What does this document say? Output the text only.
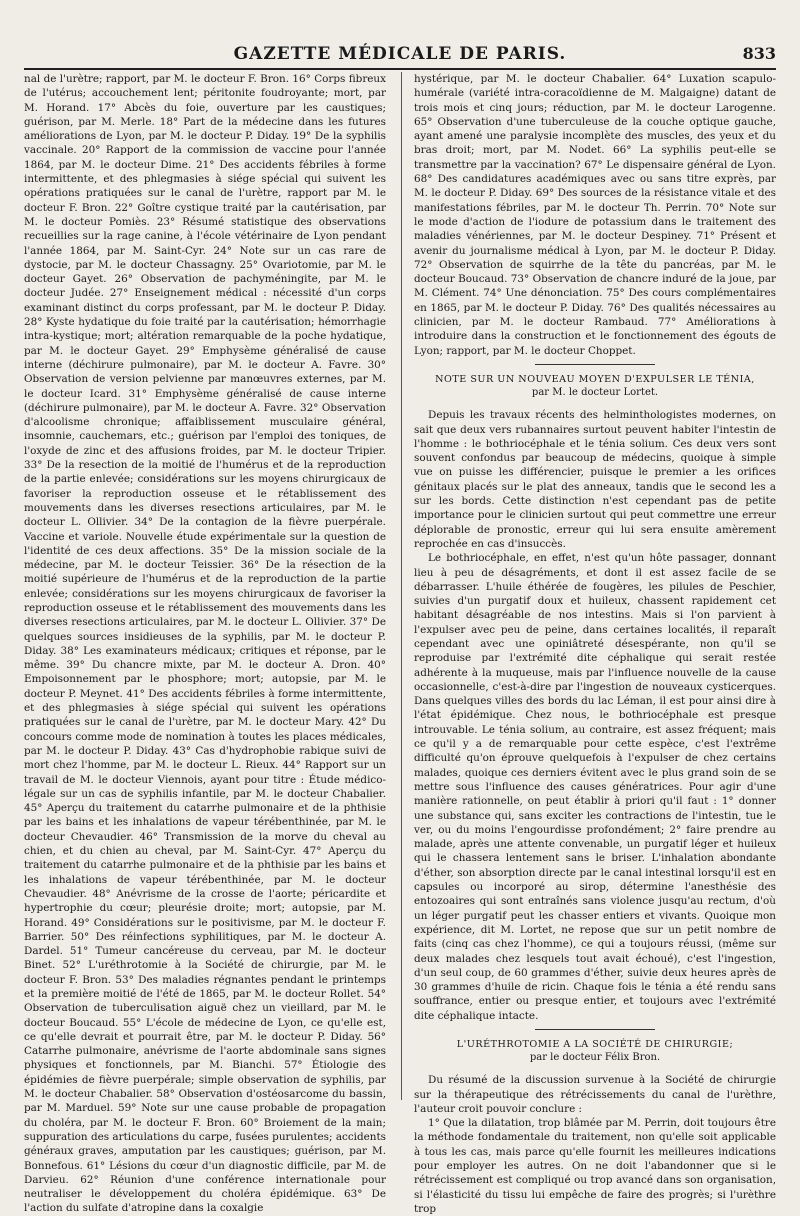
GAZETTE MÉDICALE DE PARIS.	833

nal de l'urètre; rapport, par M. le docteur F. Bron. 16° Corps fibreux de l'utérus; accouchement lent; péritonite foudroyante; mort, par M. Horand. 17° Abcès du foie, ouverture par les caustiques; guérison, par M. Merle. 18° Part de la médecine dans les futures améliorations de Lyon, par M. le docteur P. Diday. 19° De la syphilis vaccinale. 20° Rapport de la commission de vaccine pour l'année 1864, par M. le docteur Dime. 21° Des accidents fébriles à forme intermittente, et des phlegmasies à siége spécial qui suivent les opérations pratiquées sur le canal de l'urètre, rapport par M. le docteur F. Bron. 22° Goître cystique traité par la cautérisation, par M. le docteur Pomiès. 23° Résumé statistique des observations recueillies sur la rage canine, à l'école vétérinaire de Lyon pendant l'année 1864, par M. Saint-Cyr. 24° Note sur un cas rare de dystocie, par M. le docteur Chassagny. 25° Ovariotomie, par M. le docteur Gayet. 26° Observation de pachyméningite, par M. le docteur Judée. 27° Enseignement médical : nécessité d'un corps examinant distinct du corps professant, par M. le docteur P. Diday. 28° Kyste hydatique du foie traité par la cautérisation; hémorrhagie intra-kystique; mort; altération remarquable de la poche hydatique, par M. le docteur Gayet. 29° Emphysème généralisé de cause interne (déchirure pulmonaire), par M. le docteur A. Favre. 30° Observation de version pelvienne par manœuvres externes, par M. le docteur Icard. 31° Emphysème généralisé de cause interne (déchirure pulmonaire), par M. le docteur A. Favre. 32° Observation d'alcoolisme chronique; affaiblissement musculaire général, insomnie, cauchemars, etc.; guérison par l'emploi des toniques, de l'oxyde de zinc et des affusions froides, par M. le docteur Tripier. 33° De la resection de la moitié de l'humérus et de la reproduction de la partie enlevée; considérations sur les moyens chirurgicaux de favoriser la reproduction osseuse et le rétablissement des mouvements dans les diverses resections articulaires, par M. le docteur L. Ollivier. 34° De la contagion de la fièvre puerpérale. Vaccine et variole. Nouvelle étude expérimentale sur la question de l'identité de ces deux affections. 35° De la mission sociale de la médecine, par M. le docteur Teissier. 36° De la résection de la moitié supérieure de l'humérus et de la reproduction de la partie enlevée; considérations sur les moyens chirurgicaux de favoriser la reproduction osseuse et le rétablissement des mouvements dans les diverses resections articulaires, par M. le docteur L. Ollivier. 37° De quelques sources insidieuses de la syphilis, par M. le docteur P. Diday. 38° Les examinateurs médicaux; critiques et réponse, par le même. 39° Du chancre mixte, par M. le docteur A. Dron. 40° Empoisonnement par le phosphore; mort; autopsie, par M. le docteur P. Meynet. 41° Des accidents fébriles à forme intermittente, et des phlegmasies à siége spécial qui suivent les opérations pratiquées sur le canal de l'urètre, par M. le docteur Mary. 42° Du concours comme mode de nomination à toutes les places médicales, par M. le docteur P. Diday. 43° Cas d'hydrophobie rabique suivi de mort chez l'homme, par M. le docteur L. Rieux. 44° Rapport sur un travail de M. le docteur Viennois, ayant pour titre : Étude médico-légale sur un cas de syphilis infantile, par M. le docteur Chabalier. 45° Aperçu du traitement du catarrhe pulmonaire et de la phthisie par les bains et les inhalations de vapeur térébenthinée, par M. le docteur Chevaudier. 46° Transmission de la morve du cheval au chien, et du chien au cheval, par M. Saint-Cyr. 47° Aperçu du traitement du catarrhe pulmonaire et de la phthisie par les bains et les inhalations de vapeur térébenthinée, par M. le docteur Chevaudier. 48° Anévrisme de la crosse de l'aorte; péricardite et hypertrophie du cœur; pleurésie droite; mort; autopsie, par M. Horand. 49° Considérations sur le positivisme, par M. le docteur F. Barrier. 50° Des réinfections syphilitiques, par M. le docteur A. Dardel. 51° Tumeur cancéreuse du cerveau, par M. le docteur Binet. 52° L'uréthrotomie à la Société de chirurgie, par M. le docteur F. Bron. 53° Des maladies régnantes pendant le printemps et la première moitié de l'été de 1865, par M. le docteur Rollet. 54° Observation de tuberculisation aiguë chez un vieillard, par M. le docteur Boucaud. 55° L'école de médecine de Lyon, ce qu'elle est, ce qu'elle devrait et pourrait être, par M. le docteur P. Diday. 56° Catarrhe pulmonaire, anévrisme de l'aorte abdominale sans signes physiques et fonctionnels, par M. Bianchi. 57° Étiologie des épidémies de fièvre puerpérale; simple observation de syphilis, par M. le docteur Chabalier. 58° Observation d'ostéosarcome du bassin, par M. Marduel. 59° Note sur une cause probable de propagation du choléra, par M. le docteur F. Bron. 60° Broiement de la main; suppuration des articulations du carpe, fusées purulentes; accidents généraux graves, amputation par les caustiques; guérison, par M. Bonnefous. 61° Lésions du cœur d'un diagnostic difficile, par M. de Darvieu. 62° Réunion d'une conférence internationale pour neutraliser le développement du choléra épidémique. 63° De l'action du sulfate d'atropine dans la coxalgie

hystérique, par M. le docteur Chabalier. 64° Luxation scapulo-humérale (variété intra-coracoïdienne de M. Malgaigne) datant de trois mois et cinq jours; réduction, par M. le docteur Larogenne. 65° Observation d'une tuberculeuse de la couche optique gauche, ayant amené une paralysie incomplète des muscles, des yeux et du bras droit; mort, par M. Nodet. 66° La syphilis peut-elle se transmettre par la vaccination? 67° Le dispensaire général de Lyon. 68° Des candidatures académiques avec ou sans titre exprès, par M. le docteur P. Diday. 69° Des sources de la résistance vitale et des manifestations fébriles, par M. le docteur Th. Perrin. 70° Note sur le mode d'action de l'iodure de potassium dans le traitement des maladies vénériennes, par M. le docteur Despiney. 71° Présent et avenir du journalisme médical à Lyon, par M. le docteur P. Diday. 72° Observation de squirrhe de la tête du pancréas, par M. le docteur Boucaud. 73° Observation de chancre induré de la joue, par M. Clément. 74° Une dénonciation. 75° Des cours complémentaires en 1865, par M. le docteur P. Diday. 76° Des qualités nécessaires au clinicien, par M. le docteur Rambaud. 77° Améliorations à introduire dans la construction et le fonctionnement des égouts de Lyon; rapport, par M. le docteur Choppet.

NOTE SUR UN NOUVEAU MOYEN D'EXPULSER LE TÉNIA,

par M. le docteur Lortet.

Depuis les travaux récents des helminthologistes modernes, on sait que deux vers rubannaires surtout peuvent habiter l'intestin de l'homme : le bothriocéphale et le ténia solium. Ces deux vers sont souvent confondus par beaucoup de médecins, quoique à simple vue on puisse les différencier, puisque le premier a les orifices génitaux placés sur le plat des anneaux, tandis que le second les a sur les bords. Cette distinction n'est cependant pas de petite importance pour le clinicien surtout qui peut commettre une erreur déplorable de pronostic, erreur qui lui sera ensuite amèrement reprochée en cas d'insuccès.

Le bothriocéphale, en effet, n'est qu'un hôte passager, donnant lieu à peu de désagréments, et dont il est assez facile de se débarrasser. L'huile éthérée de fougères, les pilules de Peschier, suivies d'un purgatif doux et huileux, chassent rapidement cet habitant désagréable de nos intestins. Mais si l'on parvient à l'expulser avec peu de peine, dans certaines localités, il reparaît cependant avec une opiniâtreté désespérante, non qu'il se reproduise par l'extrémité dite céphalique qui serait restée adhérente à la muqueuse, mais par l'influence nouvelle de la cause occasionnelle, c'est-à-dire par l'ingestion de nouveaux cysticerques. Dans quelques villes des bords du lac Léman, il est pour ainsi dire à l'état épidémique. Chez nous, le bothriocéphale est presque introuvable. Le ténia solium, au contraire, est assez fréquent; mais ce qu'il y a de remarquable pour cette espèce, c'est l'extrême difficulté qu'on éprouve quelquefois à l'expulser de chez certains malades, quoique ces derniers évitent avec le plus grand soin de se mettre sous l'influence des causes génératrices. Pour agir d'une manière rationnelle, on peut établir à priori qu'il faut : 1° donner une substance qui, sans exciter les contractions de l'intestin, tue le ver, ou du moins l'engourdisse profondément; 2° faire prendre au malade, après une attente convenable, un purgatif léger et huileux qui le chassera lentement sans le briser. L'inhalation abondante d'éther, son absorption directe par le canal intestinal lorsqu'il est en capsules ou incorporé au sirop, détermine l'anesthésie des entozoaires qui sont entraînés sans violence jusqu'au rectum, d'où un léger purgatif peut les chasser entiers et vivants. Quoique mon expérience, dit M. Lortet, ne repose que sur un petit nombre de faits (cinq cas chez l'homme), ce qui a toujours réussi, (même sur deux malades chez lesquels tout avait échoué), c'est l'ingestion, d'un seul coup, de 60 grammes d'éther, suivie deux heures après de 30 grammes d'huile de ricin. Chaque fois le ténia a été rendu sans souffrance, entier ou presque entier, et toujours avec l'extrémité dite céphalique intacte.

L'URÉTHROTOMIE A LA SOCIÉTÉ DE CHIRURGIE;

par le docteur Félix Bron.

Du résumé de la discussion survenue à la Société de chirurgie sur la thérapeutique des rétrécissements du canal de l'urèthre, l'auteur croit pouvoir conclure :

1° Que la dilatation, trop blâmée par M. Perrin, doit toujours être la méthode fondamentale du traitement, non qu'elle soit applicable à tous les cas, mais parce qu'elle fournit les meilleures indications pour employer les autres. On ne doit l'abandonner que si le rétrécissement est compliqué ou trop avancé dans son organisation, si l'élasticité du tissu lui empêche de faire des progrès; si l'urèthre trop
